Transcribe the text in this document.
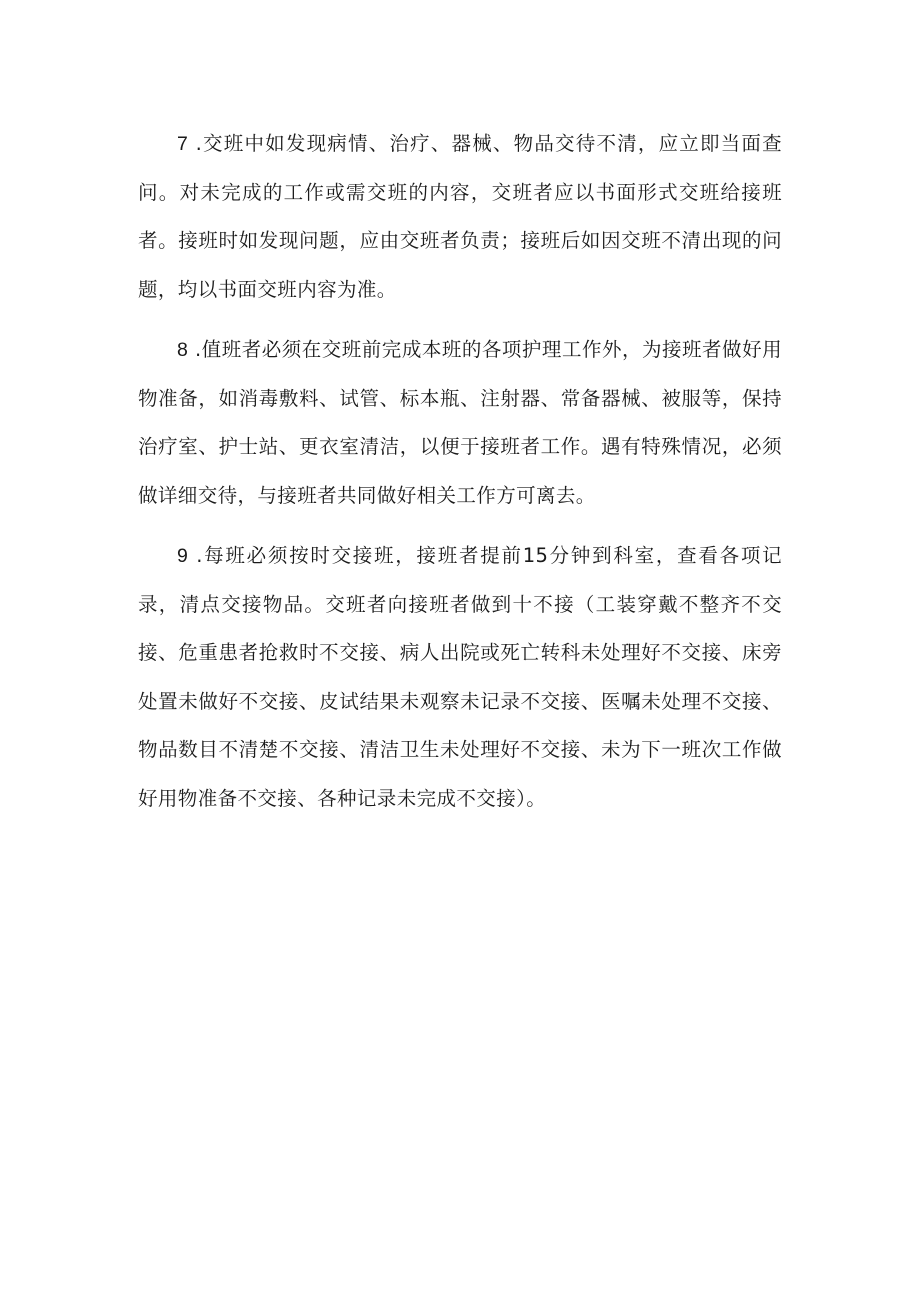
7 .交班中如发现病情、治疗、器械、物品交待不清，应立即当面查问。对未完成的工作或需交班的内容，交班者应以书面形式交班给接班者。接班时如发现问题，应由交班者负责；接班后如因交班不清出现的问题，均以书面交班内容为准。

8 .值班者必须在交班前完成本班的各项护理工作外，为接班者做好用物准备，如消毒敷料、试管、标本瓶、注射器、常备器械、被服等，保持治疗室、护士站、更衣室清洁，以便于接班者工作。遇有特殊情况，必须做详细交待，与接班者共同做好相关工作方可离去。

9 .每班必须按时交接班，接班者提前15分钟到科室，查看各项记录，清点交接物品。交班者向接班者做到十不接（工装穿戴不整齐不交接、危重患者抢救时不交接、病人出院或死亡转科未处理好不交接、床旁处置未做好不交接、皮试结果未观察未记录不交接、医嘱未处理不交接、物品数目不清楚不交接、清洁卫生未处理好不交接、未为下一班次工作做好用物准备不交接、各种记录未完成不交接）。
